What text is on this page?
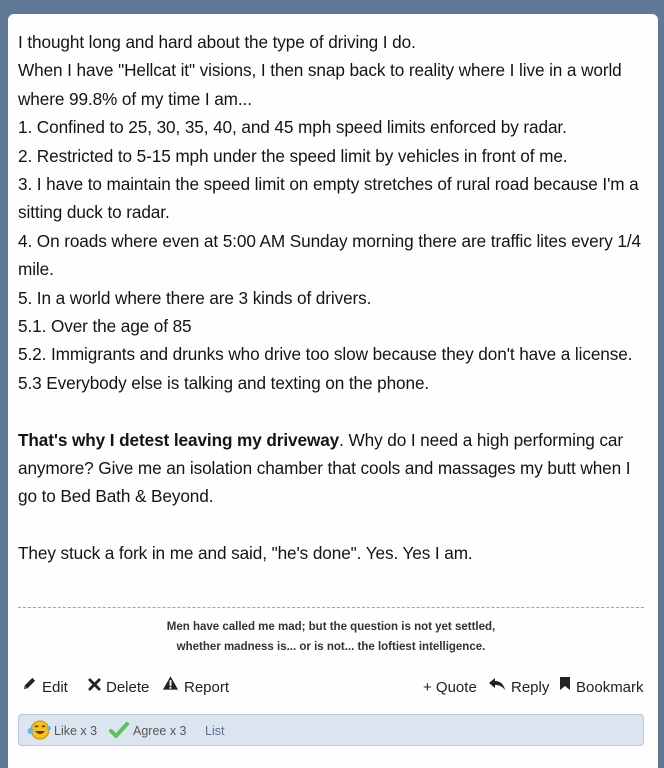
I thought long and hard about the type of driving I do.

When I have "Hellcat it" visions, I then snap back to reality where I live in a world where 99.8% of my time I am...

1. Confined to 25, 30, 35, 40, and 45 mph speed limits enforced by radar.

2. Restricted to 5-15 mph under the speed limit by vehicles in front of me.

3. I have to maintain the speed limit on empty stretches of rural road because I'm a sitting duck to radar.

4. On roads where even at 5:00 AM Sunday morning there are traffic lites every 1/4 mile.

5. In a world where there are 3 kinds of drivers.

5.1. Over the age of 85

5.2. Immigrants and drunks who drive too slow because they don't have a license.

5.3 Everybody else is talking and texting on the phone.

That's why I detest leaving my driveway. Why do I need a high performing car anymore? Give me an isolation chamber that cools and massages my butt when I go to Bed Bath & Beyond.

They stuck a fork in me and said, "he's done". Yes. Yes I am.

Men have called me mad; but the question is not yet settled,
whether madness is... or is not... the loftiest intelligence.
Edit	Delete Report	+ Quote Reply Bookmark
Like x 3	Agree x 3 List
